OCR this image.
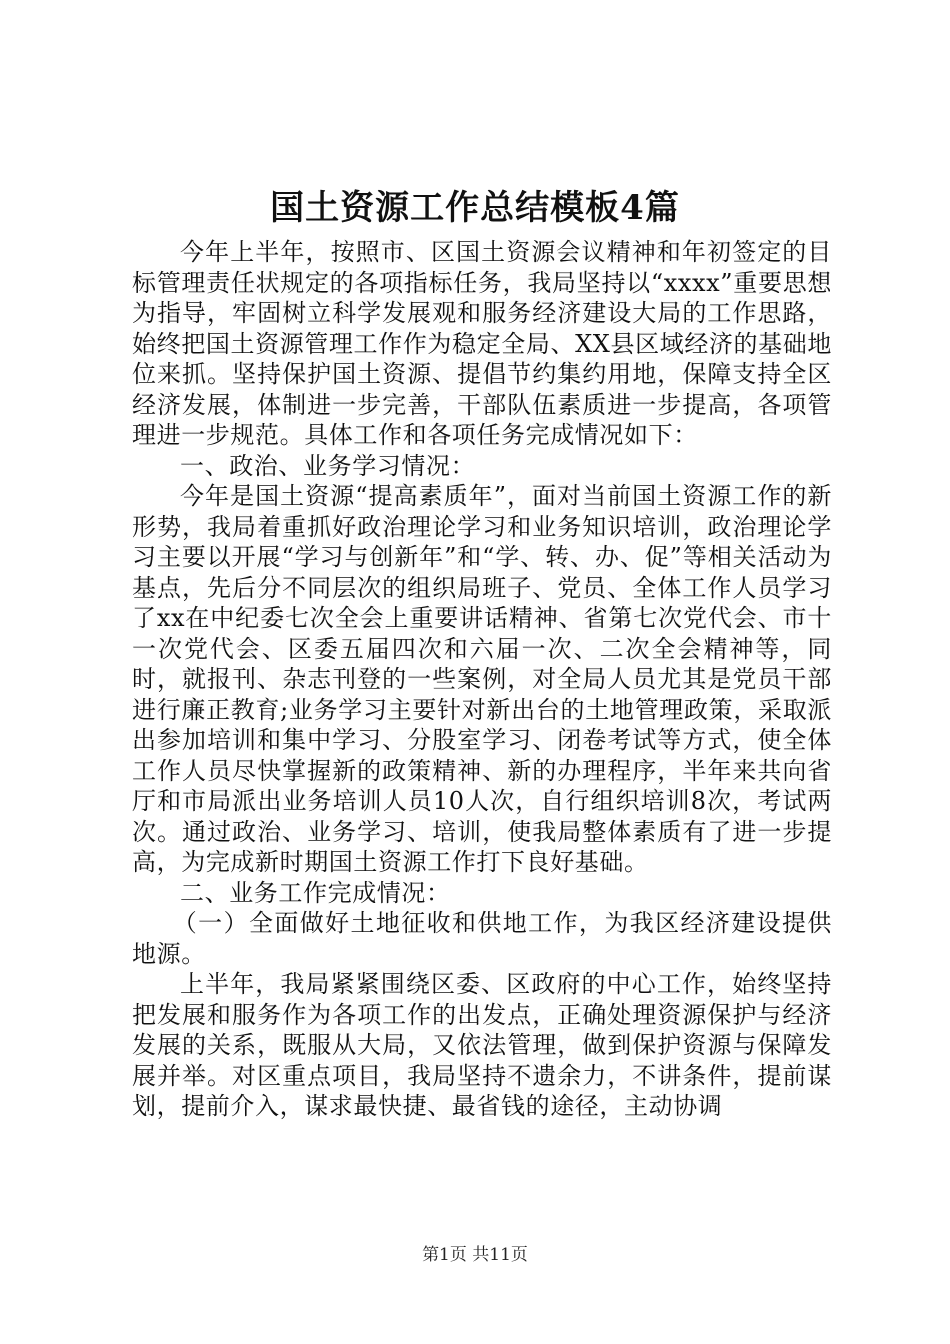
国土资源工作总结模板4篇

今年上半年，按照市、区国土资源会议精神和年初签定的目标管理责任状规定的各项指标任务，我局坚持以“xxxx”重要思想为指导，牢固树立科学发展观和服务经济建设大局的工作思路，始终把国土资源管理工作作为稳定全局、XX县区域经济的基础地位来抓。坚持保护国土资源、提倡节约集约用地，保障支持全区经济发展，体制进一步完善，干部队伍素质进一步提高，各项管理进一步规范。具体工作和各项任务完成情况如下：

一、政治、业务学习情况：

今年是国土资源“提高素质年”，面对当前国土资源工作的新形势，我局着重抓好政治理论学习和业务知识培训，政治理论学习主要以开展“学习与创新年”和“学、转、办、促”等相关活动为基点，先后分不同层次的组织局班子、党员、全体工作人员学习了xx在中纪委七次全会上重要讲话精神、省第七次党代会、市十一次党代会、区委五届四次和六届一次、二次全会精神等，同时，就报刊、杂志刊登的一些案例，对全局人员尤其是党员干部进行廉正教育;业务学习主要针对新出台的土地管理政策，采取派出参加培训和集中学习、分股室学习、闭卷考试等方式，使全体工作人员尽快掌握新的政策精神、新的办理程序，半年来共向省厅和市局派出业务培训人员10人次，自行组织培训8次，考试两次。通过政治、业务学习、培训，使我局整体素质有了进一步提高，为完成新时期国土资源工作打下良好基础。

二、业务工作完成情况：

（一）全面做好土地征收和供地工作，为我区经济建设提供地源。

上半年，我局紧紧围绕区委、区政府的中心工作，始终坚持把发展和服务作为各项工作的出发点，正确处理资源保护与经济发展的关系，既服从大局，又依法管理，做到保护资源与保障发展并举。对区重点项目，我局坚持不遗余力，不讲条件，提前谋划，提前介入，谋求最快捷、最省钱的途径，主动协调

第1页 共11页
